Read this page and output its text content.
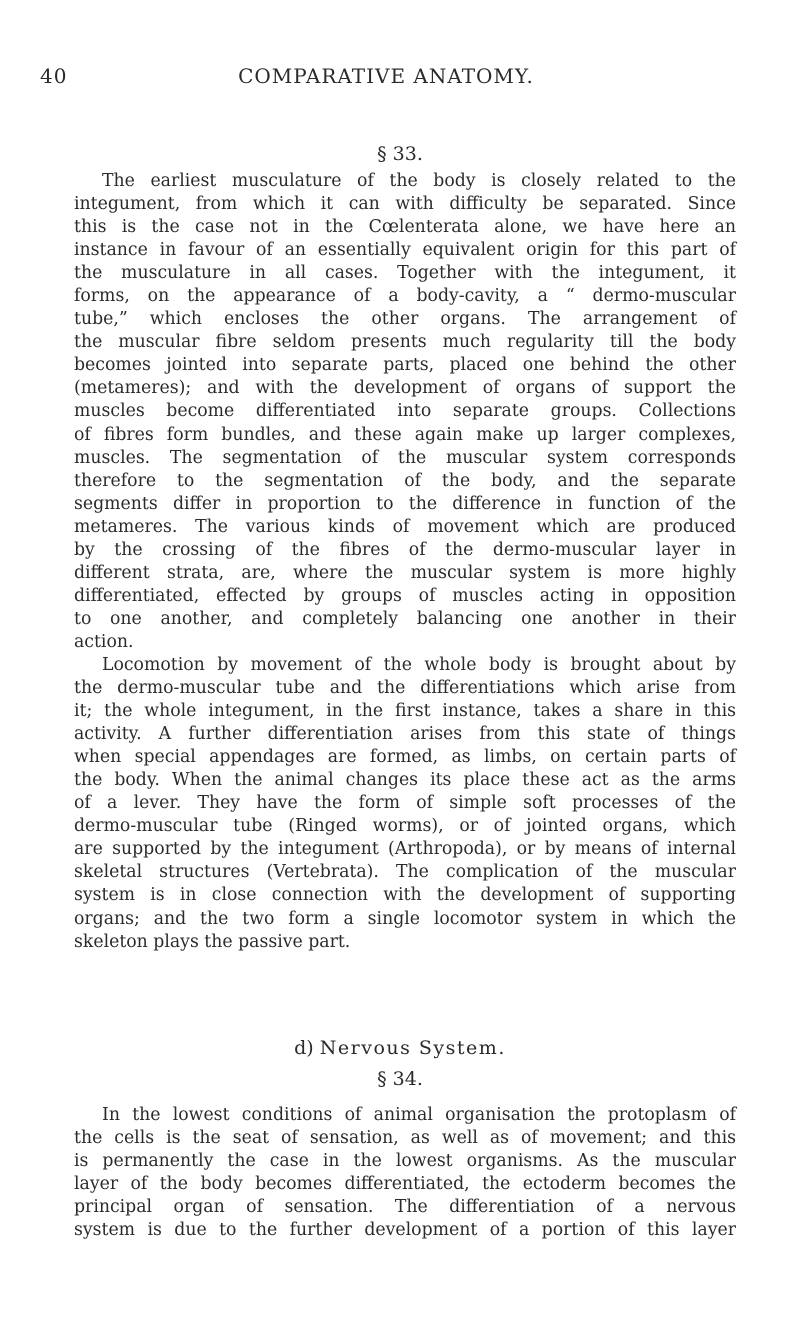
40	COMPARATIVE ANATOMY.
§ 33.
The earliest musculature of the body is closely related to the
integument, from which it can with difficulty be separated. Since
this is the case not in the Cœlenterata alone, we have here an
instance in favour of an essentially equivalent origin for this part of
the musculature in all cases. Together with the integument, it
forms, on the appearance of a body-cavity, a “ dermo-muscular
tube,” which encloses the other organs. The arrangement of
the muscular fibre seldom presents much regularity till the body
becomes jointed into separate parts, placed one behind the other
(metameres); and with the development of organs of support the
muscles become differentiated into separate groups. Collections
of fibres form bundles, and these again make up larger complexes,
muscles. The segmentation of the muscular system corresponds
therefore to the segmentation of the body, and the separate
segments differ in proportion to the difference in function of the
metameres. The various kinds of movement which are produced
by the crossing of the fibres of the dermo-muscular layer in
different strata, are, where the muscular system is more highly
differentiated, effected by groups of muscles acting in opposition
to one another, and completely balancing one another in their
action.
Locomotion by movement of the whole body is brought about by
the dermo-muscular tube and the differentiations which arise from
it; the whole integument, in the first instance, takes a share in this
activity. A further differentiation arises from this state of things
when special appendages are formed, as limbs, on certain parts of
the body. When the animal changes its place these act as the arms
of a lever. They have the form of simple soft processes of the
dermo-muscular tube (Ringed worms), or of jointed organs, which
are supported by the integument (Arthropoda), or by means of internal
skeletal structures (Vertebrata). The complication of the muscular
system is in close connection with the development of supporting
organs; and the two form a single locomotor system in which the
skeleton plays the passive part.
d) Nervous System.
§ 34.
In the lowest conditions of animal organisation the protoplasm of
the cells is the seat of sensation, as well as of movement; and this
is permanently the case in the lowest organisms. As the muscular
layer of the body becomes differentiated, the ectoderm becomes the
principal organ of sensation. The differentiation of a nervous
system is due to the further development of a portion of this layer
